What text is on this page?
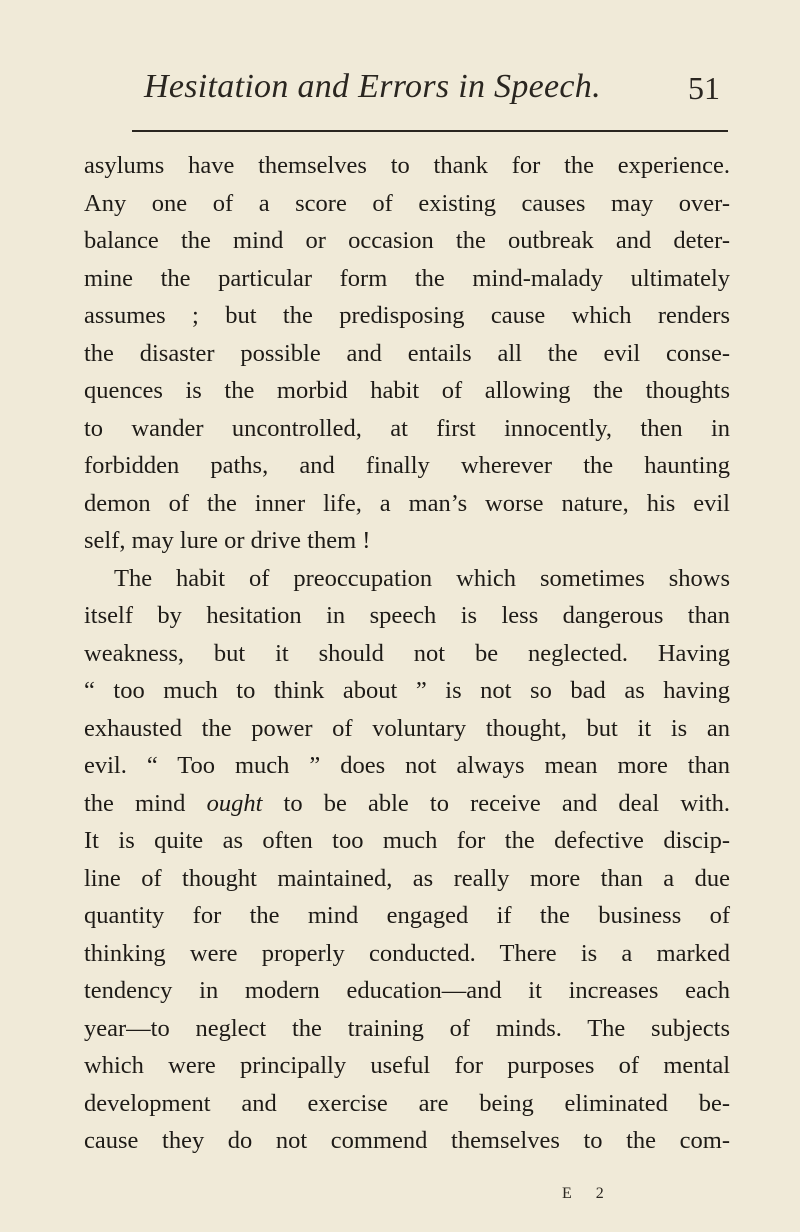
Hesitation and Errors in Speech.	51
asylums have themselves to thank for the experience.
Any one of a score of existing causes may over-
balance the mind or occasion the outbreak and deter-
mine the particular form the mind-malady ultimately
assumes ; but the predisposing cause which renders
the disaster possible and entails all the evil conse-
quences is the morbid habit of allowing the thoughts
to wander uncontrolled, at first innocently, then in
forbidden paths, and finally wherever the haunting
demon of the inner life, a man’s worse nature, his evil
self, may lure or drive them !
The habit of preoccupation which sometimes shows
itself by hesitation in speech is less dangerous than
weakness, but it should not be neglected. Having
“ too much to think about ” is not so bad as having
exhausted the power of voluntary thought, but it is an
evil. “ Too much ” does not always mean more than
the mind ought to be able to receive and deal with.
It is quite as often too much for the defective discip-
line of thought maintained, as really more than a due
quantity for the mind engaged if the business of
thinking were properly conducted. There is a marked
tendency in modern education—and it increases each
year—to neglect the training of minds. The subjects
which were principally useful for purposes of mental
development and exercise are being eliminated be-
cause they do not commend themselves to the com-
E 2
